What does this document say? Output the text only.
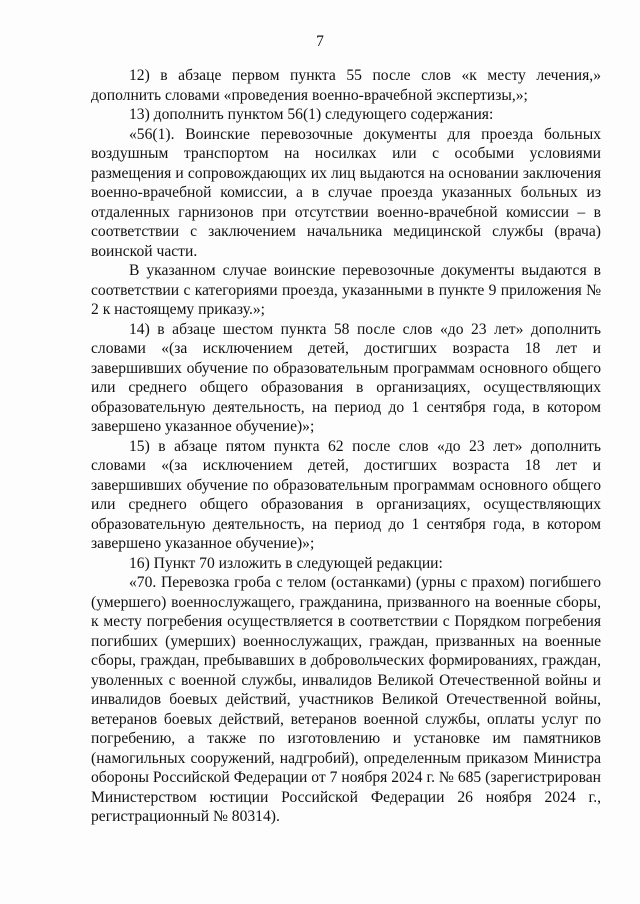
7

12) в абзаце первом пункта 55 после слов «к месту лечения,» дополнить словами «проведения военно-врачебной экспертизы,»;

13) дополнить пунктом 56(1) следующего содержания:

«56(1). Воинские перевозочные документы для проезда больных воздушным транспортом на носилках или с особыми условиями размещения и сопровождающих их лиц выдаются на основании заключения военно-врачебной комиссии, а в случае проезда указанных больных из отдаленных гарнизонов при отсутствии военно-врачебной комиссии – в соответствии с заключением начальника медицинской службы (врача) воинской части.

В указанном случае воинские перевозочные документы выдаются в соответствии с категориями проезда, указанными в пункте 9 приложения № 2 к настоящему приказу.»;

14) в абзаце шестом пункта 58 после слов «до 23 лет» дополнить словами «(за исключением детей, достигших возраста 18 лет и завершивших обучение по образовательным программам основного общего или среднего общего образования в организациях, осуществляющих образовательную деятельность, на период до 1 сентября года, в котором завершено указанное обучение)»;

15) в абзаце пятом пункта 62 после слов «до 23 лет» дополнить словами «(за исключением детей, достигших возраста 18 лет и завершивших обучение по образовательным программам основного общего или среднего общего образования в организациях, осуществляющих образовательную деятельность, на период до 1 сентября года, в котором завершено указанное обучение)»;

16) Пункт 70 изложить в следующей редакции:

«70. Перевозка гроба с телом (останками) (урны с прахом) погибшего (умершего) военнослужащего, гражданина, призванного на военные сборы, к месту погребения осуществляется в соответствии с Порядком погребения погибших (умерших) военнослужащих, граждан, призванных на военные сборы, граждан, пребывавших в добровольческих формированиях, граждан, уволенных с военной службы, инвалидов Великой Отечественной войны и инвалидов боевых действий, участников Великой Отечественной войны, ветеранов боевых действий, ветеранов военной службы, оплаты услуг по погребению, а также по изготовлению и установке им памятников (намогильных сооружений, надгробий), определенным приказом Министра обороны Российской Федерации от 7 ноября 2024 г. № 685 (зарегистрирован Министерством юстиции Российской Федерации 26 ноября 2024 г., регистрационный № 80314).
